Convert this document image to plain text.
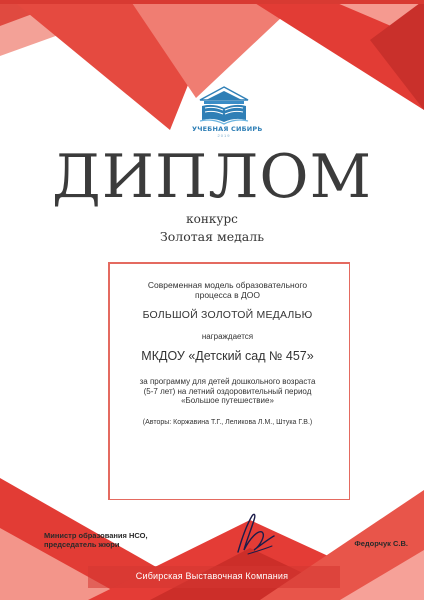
УЧЕБНАЯ СИБИРЬ
2019
ДИПЛОМ
конкурс
Золотая медаль
Современная модель образовательного
процесса в ДОО
БОЛЬШОЙ ЗОЛОТОЙ МЕДАЛЬЮ
награждается
МКДОУ «Детский сад № 457»
за программу для детей дошкольного возраста
(5-7 лет) на летний оздоровительный период
«Большое путешествие»
(Авторы: Коржавина Т.Г., Леликова Л.М., Штука Г.В.)
Министр образования НСО,
председатель жюри	Федорчук С.В.
Сибирская Выставочная Компания
